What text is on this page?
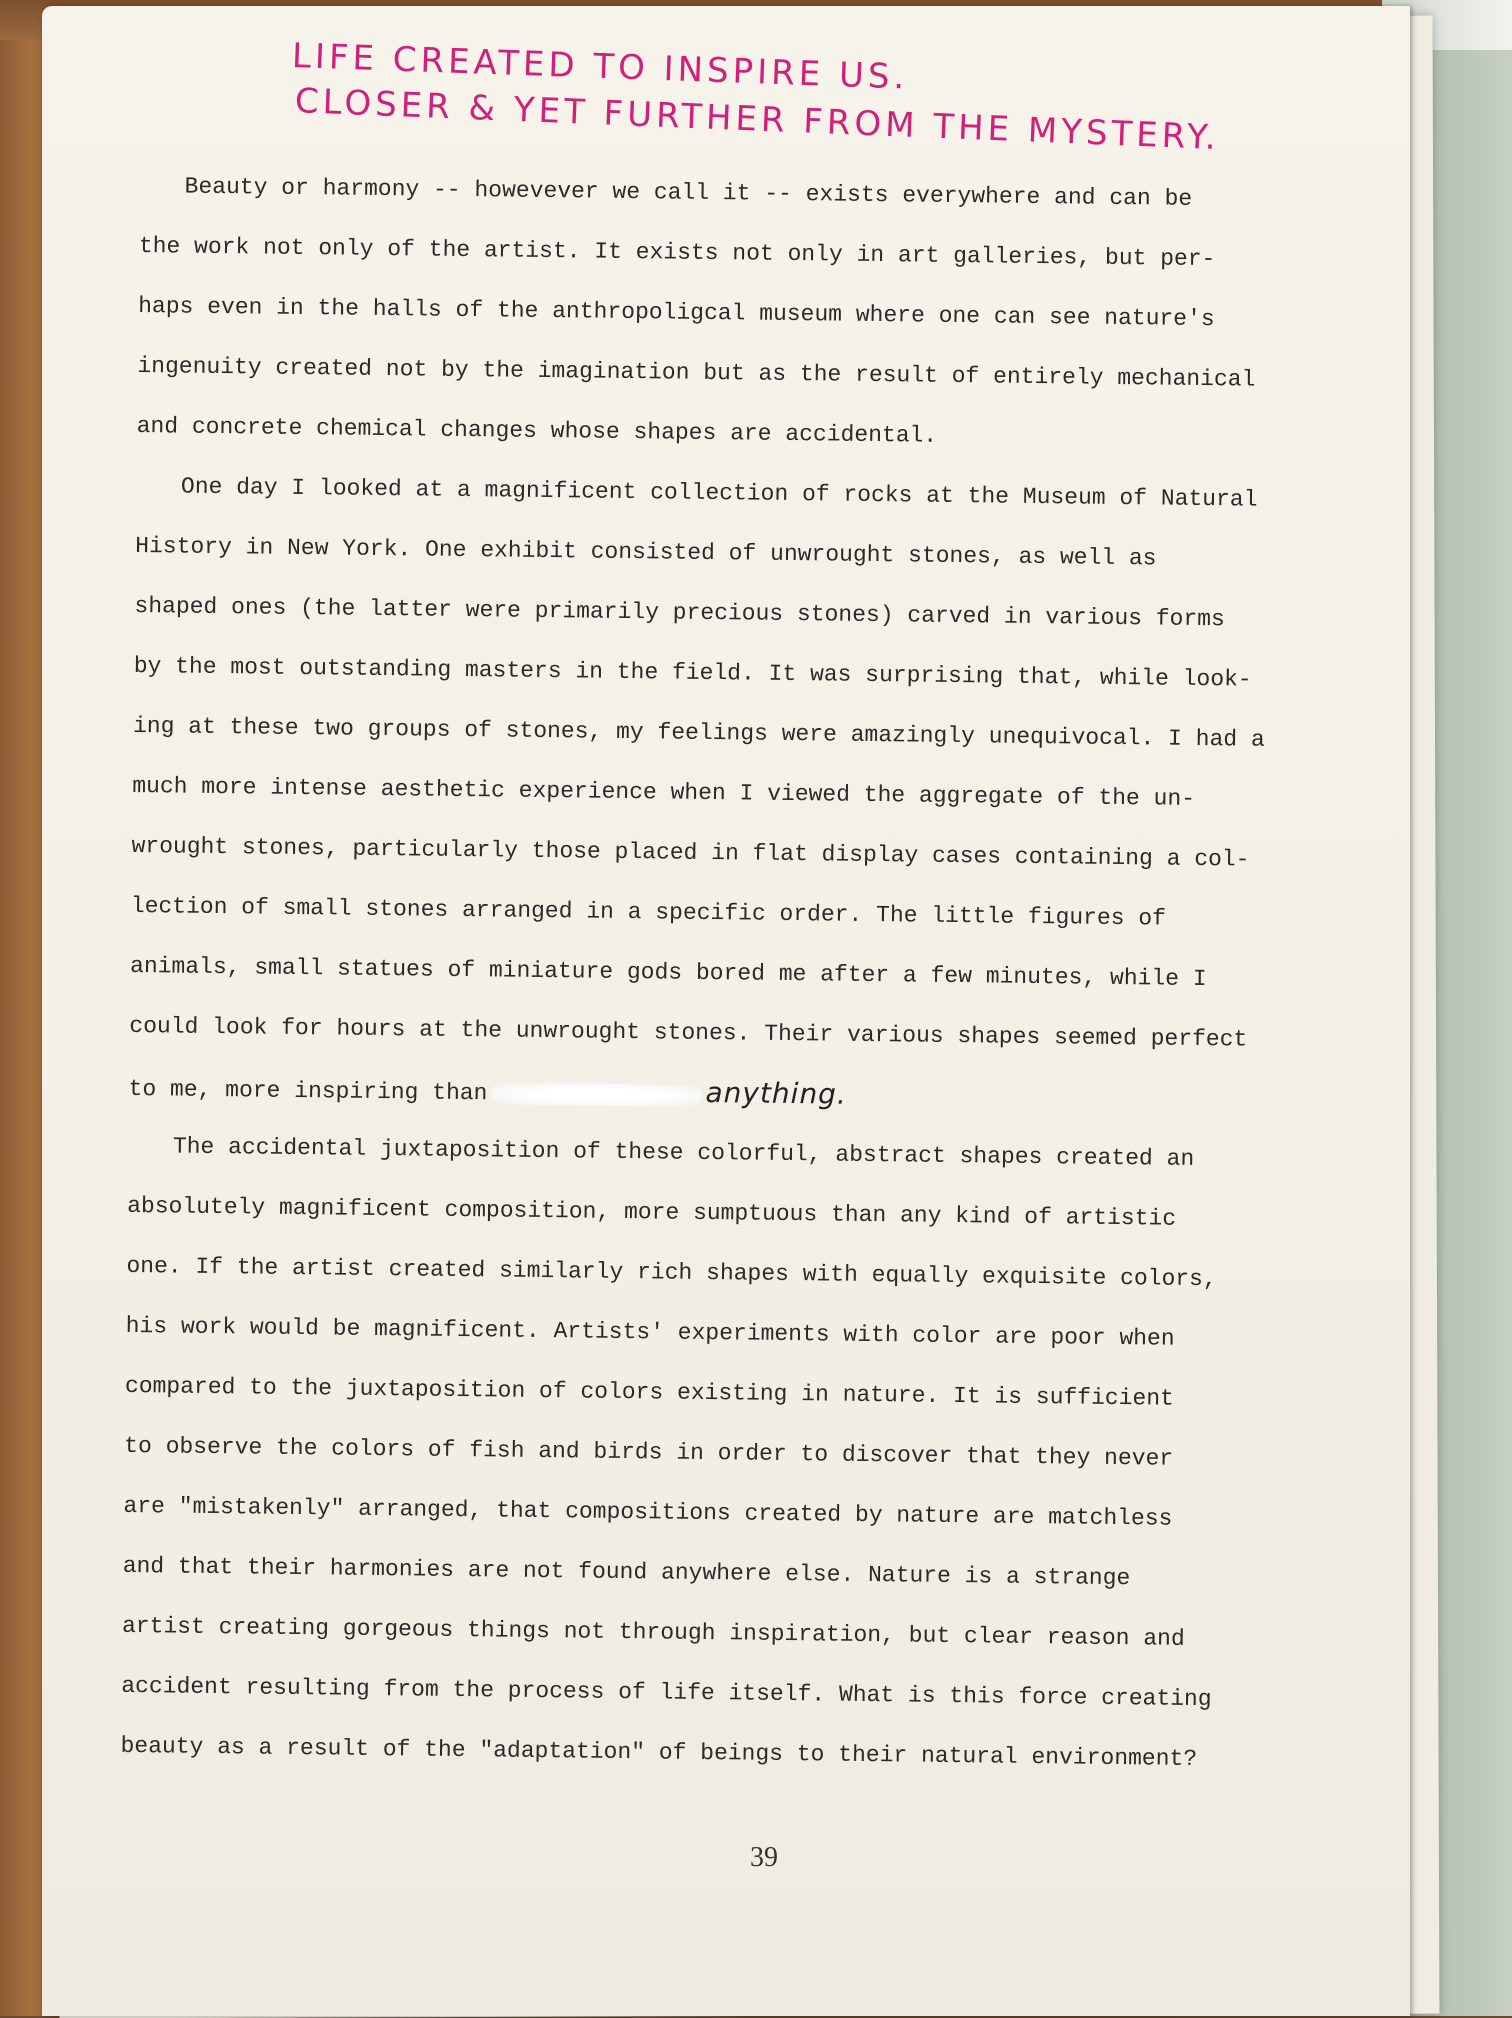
LIFE CREATED TO INSPIRE US.
CLOSER & YET FURTHER FROM THE MYSTERY.
Beauty or harmony -- howevever we call it -- exists everywhere and can be
the work not only of the artist. It exists not only in art galleries, but per-
haps even in the halls of the anthropoligcal museum where one can see nature's
ingenuity created not by the imagination but as the result of entirely mechanical
and concrete chemical changes whose shapes are accidental.
One day I looked at a magnificent collection of rocks at the Museum of Natural
History in New York. One exhibit consisted of unwrought stones, as well as
shaped ones (the latter were primarily precious stones) carved in various forms
by the most outstanding masters in the field. It was surprising that, while look-
ing at these two groups of stones, my feelings were amazingly unequivocal. I had a
much more intense aesthetic experience when I viewed the aggregate of the un-
wrought stones, particularly those placed in flat display cases containing a col-
lection of small stones arranged in a specific order. The little figures of
animals, small statues of miniature gods bored me after a few minutes, while I
could look for hours at the unwrought stones. Their various shapes seemed perfect
to me, more inspiring than	anything.
The accidental juxtaposition of these colorful, abstract shapes created an
absolutely magnificent composition, more sumptuous than any kind of artistic
one. If the artist created similarly rich shapes with equally exquisite colors,
his work would be magnificent. Artists' experiments with color are poor when
compared to the juxtaposition of colors existing in nature. It is sufficient
to observe the colors of fish and birds in order to discover that they never
are "mistakenly" arranged, that compositions created by nature are matchless
and that their harmonies are not found anywhere else. Nature is a strange
artist creating gorgeous things not through inspiration, but clear reason and
accident resulting from the process of life itself. What is this force creating
beauty as a result of the "adaptation" of beings to their natural environment?
39
